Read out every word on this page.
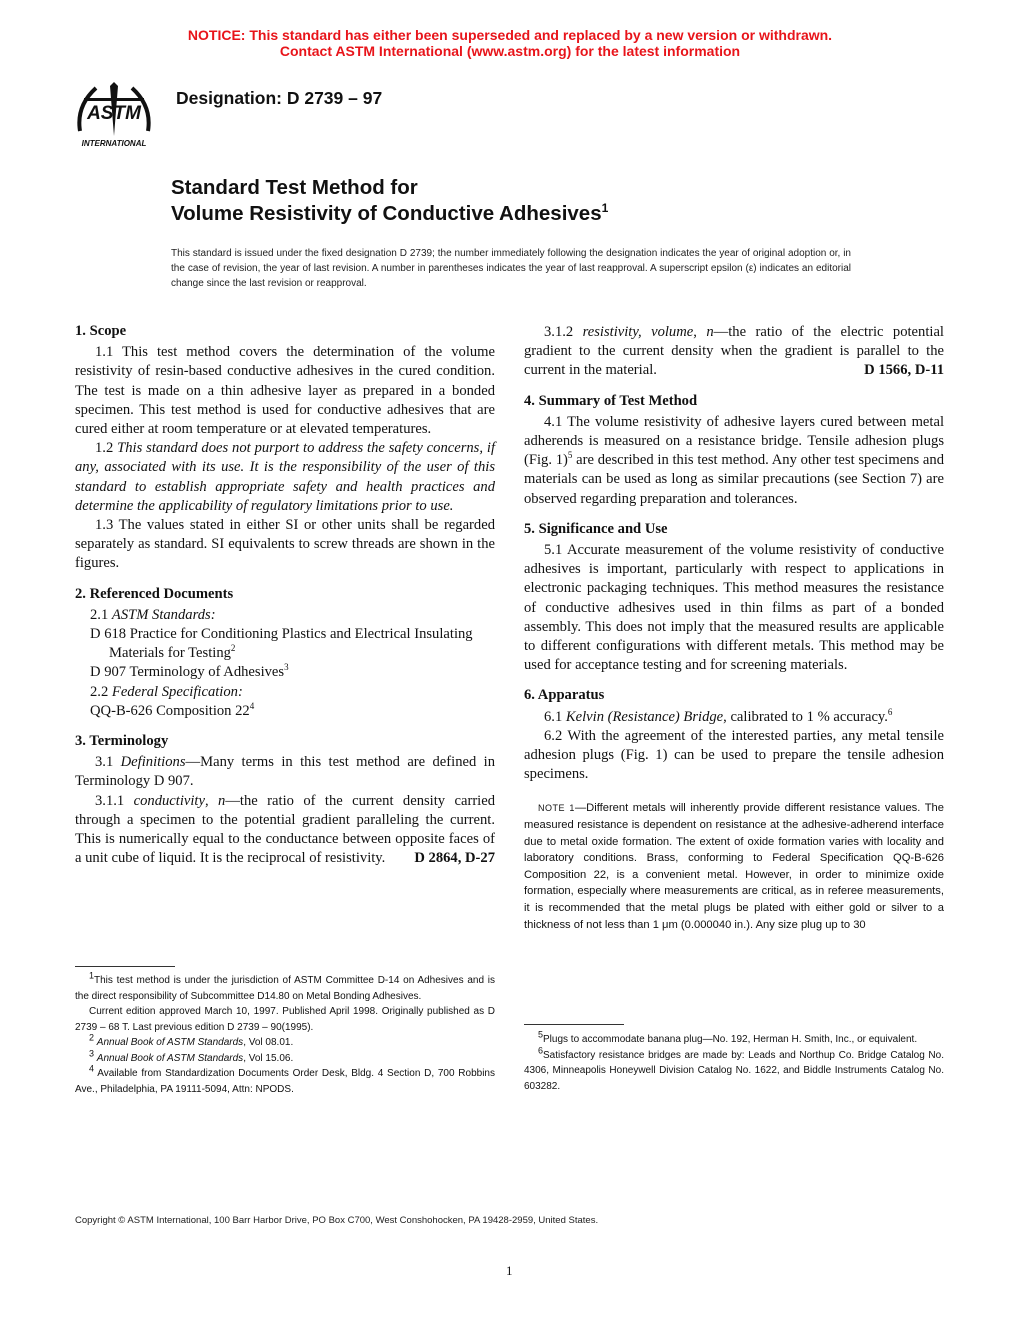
NOTICE: This standard has either been superseded and replaced by a new version or withdrawn.
Contact ASTM International (www.astm.org) for the latest information
ASTM
INTERNATIONAL
Designation: D 2739 – 97
Standard Test Method for
Volume Resistivity of Conductive Adhesives$^1$
This standard is issued under the fixed designation D 2739; the number immediately following the designation indicates the year of original adoption or, in the case of revision, the year of last revision. A number in parentheses indicates the year of last reapproval. A superscript epsilon (ε) indicates an editorial change since the last revision or reapproval.
1. Scope

1.1 This test method covers the determination of the volume resistivity of resin-based conductive adhesives in the cured condition. The test is made on a thin adhesive layer as prepared in a bonded specimen. This test method is used for conductive adhesives that are cured either at room temperature or at elevated temperatures.

1.2 This standard does not purport to address the safety concerns, if any, associated with its use. It is the responsibility of the user of this standard to establish appropriate safety and health practices and determine the applicability of regulatory limitations prior to use.

1.3 The values stated in either SI or other units shall be regarded separately as standard. SI equivalents to screw threads are shown in the figures.

2. Referenced Documents

2.1 ASTM Standards:

D 618 Practice for Conditioning Plastics and Electrical Insulating Materials for Testing$^2$

D 907 Terminology of Adhesives$^3$

2.2 Federal Specification:

QQ-B-626 Composition $22^4$

3. Terminology

3.1 Definitions—Many terms in this test method are defined in Terminology D 907.

3.1.1 conductivity, n—the ratio of the current density carried through a specimen to the potential gradient paralleling the current. This is numerically equal to the conductance between opposite faces of a unit cube of liquid. It is the reciprocal of resistivity. D 2864, D-27

$^1$This test method is under the jurisdiction of ASTM Committee D-14 on Adhesives and is the direct responsibility of Subcommittee D14.80 on Metal Bonding Adhesives.

Current edition approved March 10, 1997. Published April 1998. Originally published as D 2739 – 68 T. Last previous edition D 2739 – 90(1995).

$^2$ Annual Book of ASTM Standards, Vol 08.01.

$^3$ Annual Book of ASTM Standards, Vol 15.06.

$^4$ Available from Standardization Documents Order Desk, Bldg. 4 Section D, 700 Robbins Ave., Philadelphia, PA 19111-5094, Attn: NPODS.

3.1.2 resistivity, volume, n—the ratio of the electric potential gradient to the current density when the gradient is parallel to the current in the material.	D 1566, D-11

4. Summary of Test Method

4.1 The volume resistivity of adhesive layers cured between metal adherends is measured on a resistance bridge. Tensile adhesion plugs (Fig. 1)$^5$ are described in this test method. Any other test specimens and materials can be used as long as similar precautions (see Section 7) are observed regarding preparation and tolerances.

5. Significance and Use

5.1 Accurate measurement of the volume resistivity of conductive adhesives is important, particularly with respect to applications in electronic packaging techniques. This method measures the resistance of conductive adhesives used in thin films as part of a bonded assembly. This does not imply that the measured results are applicable to different configurations with different metals. This method may be used for acceptance testing and for screening materials.

6. Apparatus

6.1 Kelvin (Resistance) Bridge, calibrated to 1 % accuracy.$^6$

6.2 With the agreement of the interested parties, any metal tensile adhesion plugs (Fig. 1) can be used to prepare the tensile adhesion specimens.

NOTE 1—Different metals will inherently provide different resistance values. The measured resistance is dependent on resistance at the adhesive-adherend interface due to metal oxide formation. The extent of oxide formation varies with locality and laboratory conditions. Brass, conforming to Federal Specification QQ-B-626 Composition 22, is a convenient metal. However, in order to minimize oxide formation, especially where measurements are critical, as in referee measurements, it is recommended that the metal plugs be plated with either gold or silver to a thickness of not less than 1 μm (0.000040 in.). Any size plug up to 30

$^5$Plugs to accommodate banana plug—No. 192, Herman H. Smith, Inc., or equivalent.

$^6$Satisfactory resistance bridges are made by: Leads and Northup Co. Bridge Catalog No. 4306, Minneapolis Honeywell Division Catalog No. 1622, and Biddle Instruments Catalog No. 603282.

Copyright © ASTM International, 100 Barr Harbor Drive, PO Box C700, West Conshohocken, PA 19428-2959, United States.
1
